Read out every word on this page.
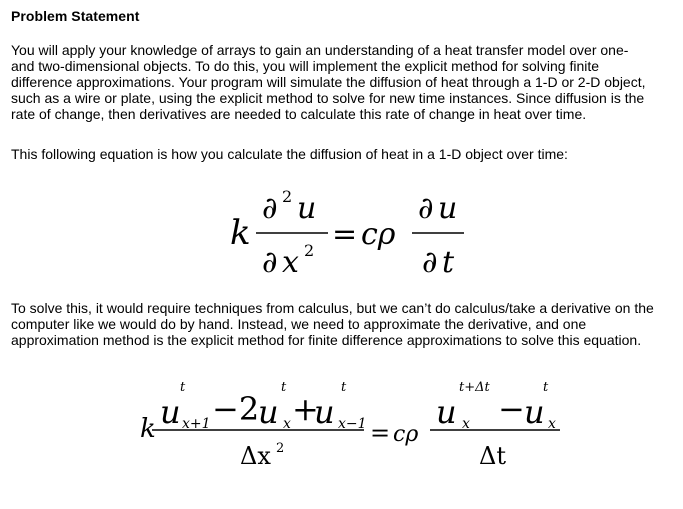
Problem Statement
You will apply your knowledge of arrays to gain an understanding of a heat transfer model over one-
and two-dimensional objects. To do this, you will implement the explicit method for solving finite
difference approximations. Your program will simulate the diffusion of heat through a 1-D or 2-D object,
such as a wire or plate, using the explicit method to solve for new time instances. Since diffusion is the
rate of change, then derivatives are needed to calculate this rate of change in heat over time.
This following equation is how you calculate the diffusion of heat in a 1-D object over time:
To solve this, it would require techniques from calculus, but we can’t do calculus/take a derivative on the
computer like we would do by hand. Instead, we need to approximate the derivative, and one
approximation method is the explicit method for finite difference approximations to solve this equation.
k
∂ 2 u
∂ x 2 = cρ
∂ u
∂ t
k
t
u x+1 −2
t
u x +
t
u x−1
Δx 2
= cρ
t+Δt
u x −
t
u x
Δt
